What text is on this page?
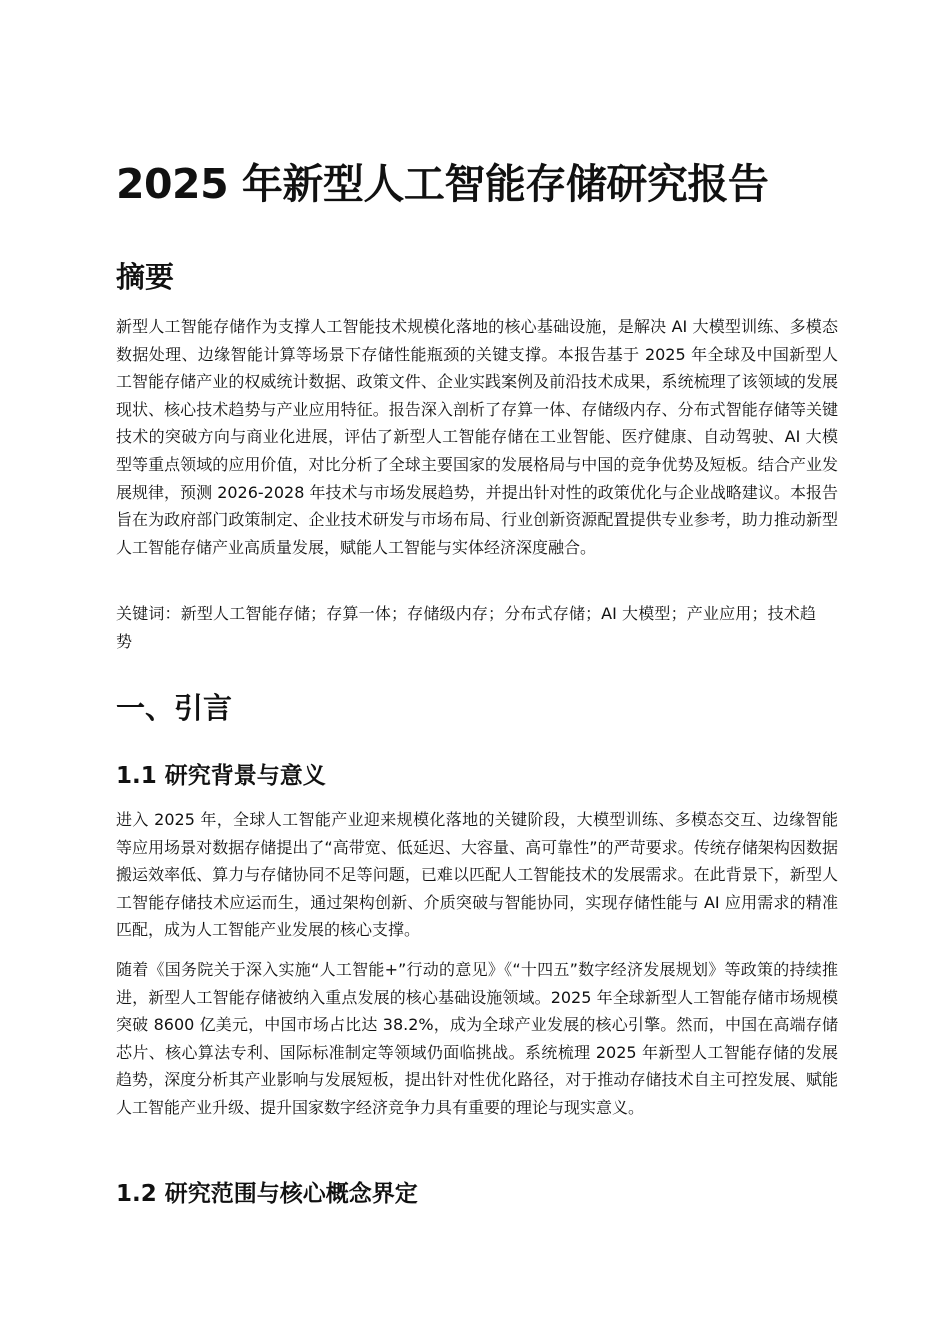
2025 年新型人工智能存储研究报告
摘要

新型人工智能存储作为支撑人工智能技术规模化落地的核心基础设施，是解决 AI 大模型训练、多模态数据处理、边缘智能计算等场景下存储性能瓶颈的关键支撑。本报告基于 2025 年全球及中国新型人工智能存储产业的权威统计数据、政策文件、企业实践案例及前沿技术成果，系统梳理了该领域的发展现状、核心技术趋势与产业应用特征。报告深入剖析了存算一体、存储级内存、分布式智能存储等关键技术的突破方向与商业化进展，评估了新型人工智能存储在工业智能、医疗健康、自动驾驶、AI 大模型等重点领域的应用价值，对比分析了全球主要国家的发展格局与中国的竞争优势及短板。结合产业发展规律，预测 2026-2028 年技术与市场发展趋势，并提出针对性的政策优化与企业战略建议。本报告旨在为政府部门政策制定、企业技术研发与市场布局、行业创新资源配置提供专业参考，助力推动新型人工智能存储产业高质量发展，赋能人工智能与实体经济深度融合。

关键词：新型人工智能存储；存算一体；存储级内存；分布式存储；AI 大模型；产业应用；技术趋势

一、引言
1.1 研究背景与意义

进入 2025 年，全球人工智能产业迎来规模化落地的关键阶段，大模型训练、多模态交互、边缘智能等应用场景对数据存储提出了“高带宽、低延迟、大容量、高可靠性”的严苛要求。传统存储架构因数据搬运效率低、算力与存储协同不足等问题，已难以匹配人工智能技术的发展需求。在此背景下，新型人工智能存储技术应运而生，通过架构创新、介质突破与智能协同，实现存储性能与 AI 应用需求的精准匹配，成为人工智能产业发展的核心支撑。

随着《国务院关于深入实施“人工智能+”行动的意见》《“十四五”数字经济发展规划》等政策的持续推进，新型人工智能存储被纳入重点发展的核心基础设施领域。2025 年全球新型人工智能存储市场规模突破 8600 亿美元，中国市场占比达 38.2%，成为全球产业发展的核心引擎。然而，中国在高端存储芯片、核心算法专利、国际标准制定等领域仍面临挑战。系统梳理 2025 年新型人工智能存储的发展趋势，深度分析其产业影响与发展短板，提出针对性优化路径，对于推动存储技术自主可控发展、赋能人工智能产业升级、提升国家数字经济竞争力具有重要的理论与现实意义。

1.2 研究范围与核心概念界定
